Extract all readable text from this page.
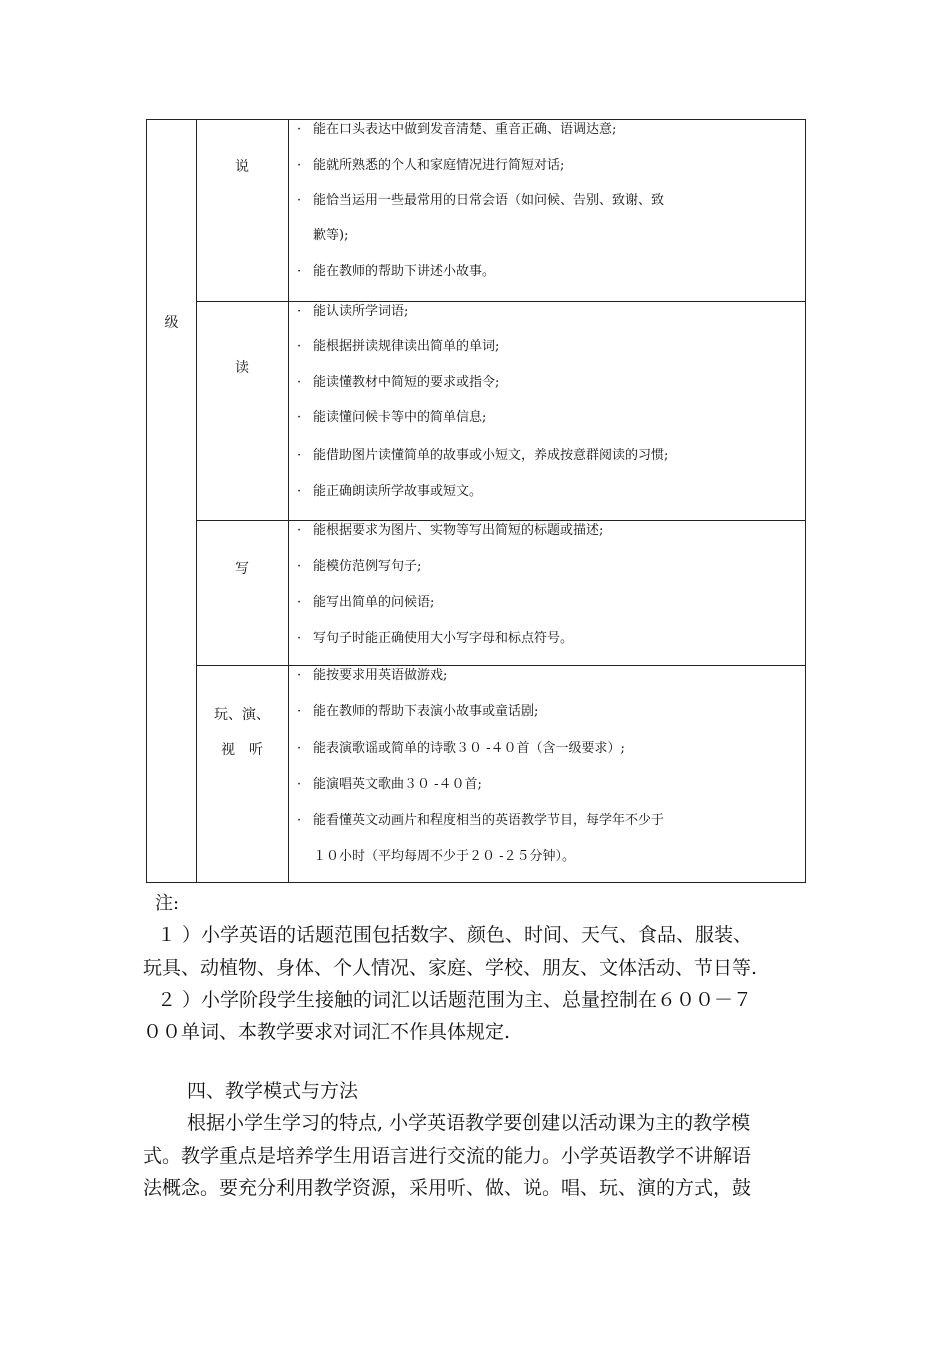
级
说
· 能在口头表达中做到发音清楚、重音正确、语调达意;
· 能就所熟悉的个人和家庭情况进行简短对话;
· 能恰当运用一些最常用的日常会语（如问候、告别、致谢、致
歉等);
· 能在教师的帮助下讲述小故事。
读
· 能认读所学词语;
· 能根据拼读规律读出简单的单词;
· 能读懂教材中简短的要求或指令;
· 能读懂问候卡等中的简单信息;
· 能借助图片读懂简单的故事或小短文，养成按意群阅读的习惯;
· 能正确朗读所学故事或短文。
写
· 能根据要求为图片、实物等写出简短的标题或描述;
· 能模仿范例写句子;
· 能写出简单的问候语;
· 写句子时能正确使用大小写字母和标点符号。
玩、演、
视　听
· 能按要求用英语做游戏;
· 能在教师的帮助下表演小故事或童话剧;
· 能表演歌谣或简单的诗歌３０ -４０首（含一级要求）;
· 能演唱英文歌曲３０ -４０首;
· 能看懂英文动画片和程度相当的英语教学节目，每学年不少于
１０小时（平均每周不少于２０ -２５分钟）。
注:
１ ）小学英语的话题范围包括数字、颜色、时间、天气、食品、服装、
玩具、动植物、身体、个人情况、家庭、学校、朋友、文体活动、节日等.
２ ）小学阶段学生接触的词汇以话题范围为主、总量控制在６００－７
００单词、本教学要求对词汇不作具体规定.
四、教学模式与方法
根据小学生学习的特点, 小学英语教学要创建以活动课为主的教学模
式。教学重点是培养学生用语言进行交流的能力。小学英语教学不讲解语
法概念。要充分利用教学资源，采用听、做、说。唱、玩、演的方式，鼓
